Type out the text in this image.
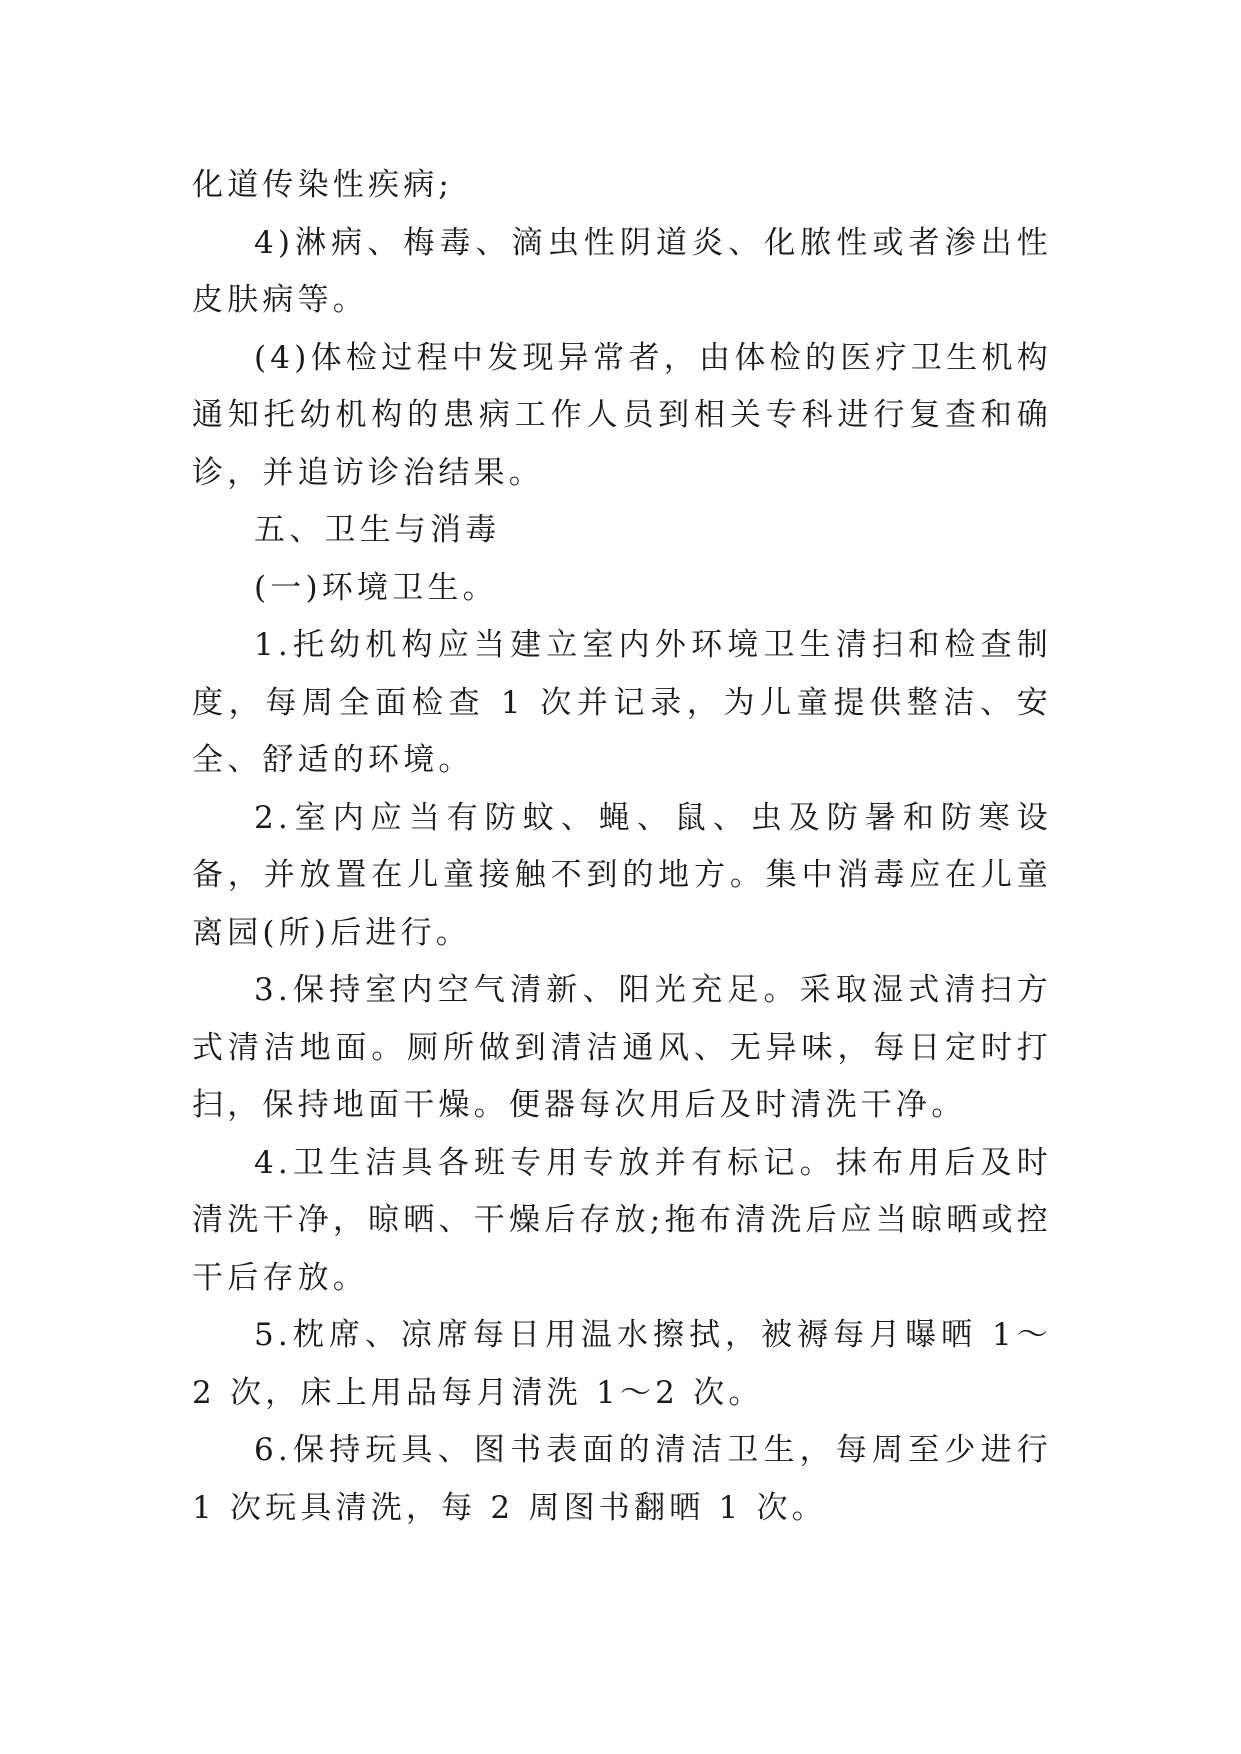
化道传染性疾病;

4)淋病、梅毒、滴虫性阴道炎、化脓性或者渗出性皮肤病等。

(4)体检过程中发现异常者，由体检的医疗卫生机构通知托幼机构的患病工作人员到相关专科进行复查和确诊，并追访诊治结果。

五、卫生与消毒

(一)环境卫生。

1.托幼机构应当建立室内外环境卫生清扫和检查制度，每周全面检查 1 次并记录，为儿童提供整洁、安全、舒适的环境。

2.室内应当有防蚊、蝇、鼠、虫及防暑和防寒设备，并放置在儿童接触不到的地方。集中消毒应在儿童离园(所)后进行。

3.保持室内空气清新、阳光充足。采取湿式清扫方式清洁地面。厕所做到清洁通风、无异味，每日定时打扫，保持地面干燥。便器每次用后及时清洗干净。

4.卫生洁具各班专用专放并有标记。抹布用后及时清洗干净，晾晒、干燥后存放;拖布清洗后应当晾晒或控干后存放。

5.枕席、凉席每日用温水擦拭，被褥每月曝晒 1～2 次，床上用品每月清洗 1～2 次。

6.保持玩具、图书表面的清洁卫生，每周至少进行 1 次玩具清洗，每 2 周图书翻晒 1 次。
